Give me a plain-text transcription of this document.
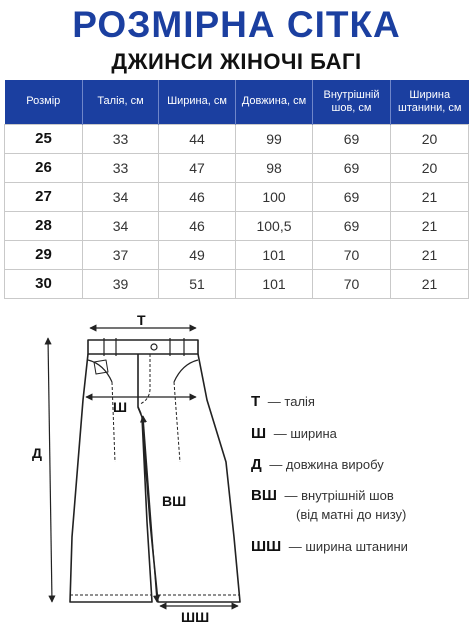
РОЗМІРНА СІТКА
ДЖИНСИ ЖІНОЧІ БАГІ
Розмір	Талія, см	Ширина, см	Довжина, см	Внутрішній шов, см	Ширина штанини, см
25	33	44	99	69	20
26	33	47	98	69	20
27	34	46	100	69	21
28	34	46	100,5	69	21
29	37	49	101	70	21
30	39	51	101	70	21
Т
Ш
Д
ВШ
ШШ
Т — талія
Ш — ширина
Д — довжина виробу
ВШ — внутрішній шов
(від матні до низу)
ШШ — ширина штанини
